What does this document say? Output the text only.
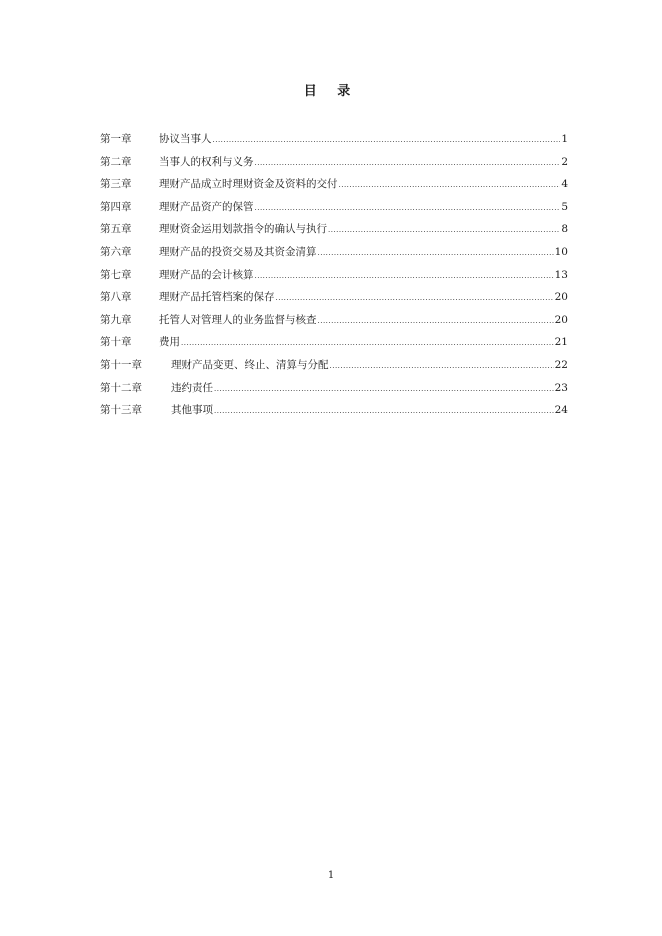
目 录
第一章	协议当事人 .....	1
第二章	当事人的权利与义务 .....	2
第三章	理财产品成立时理财资金及资料的交付 .....	4
第四章	理财产品资产的保管 .....	5
第五章	理财资金运用划款指令的确认与执行 .....	8
第六章	理财产品的投资交易及其资金清算 .....	10
第七章	理财产品的会计核算 .....	13
第八章	理财产品托管档案的保存 .....	20
第九章	托管人对管理人的业务监督与核查 .....	20
第十章	费用 .....	21
第十一章	理财产品变更、终止、清算与分配 .....	22
第十二章	违约责任 .....	23
第十三章	其他事项 .....	24
1
